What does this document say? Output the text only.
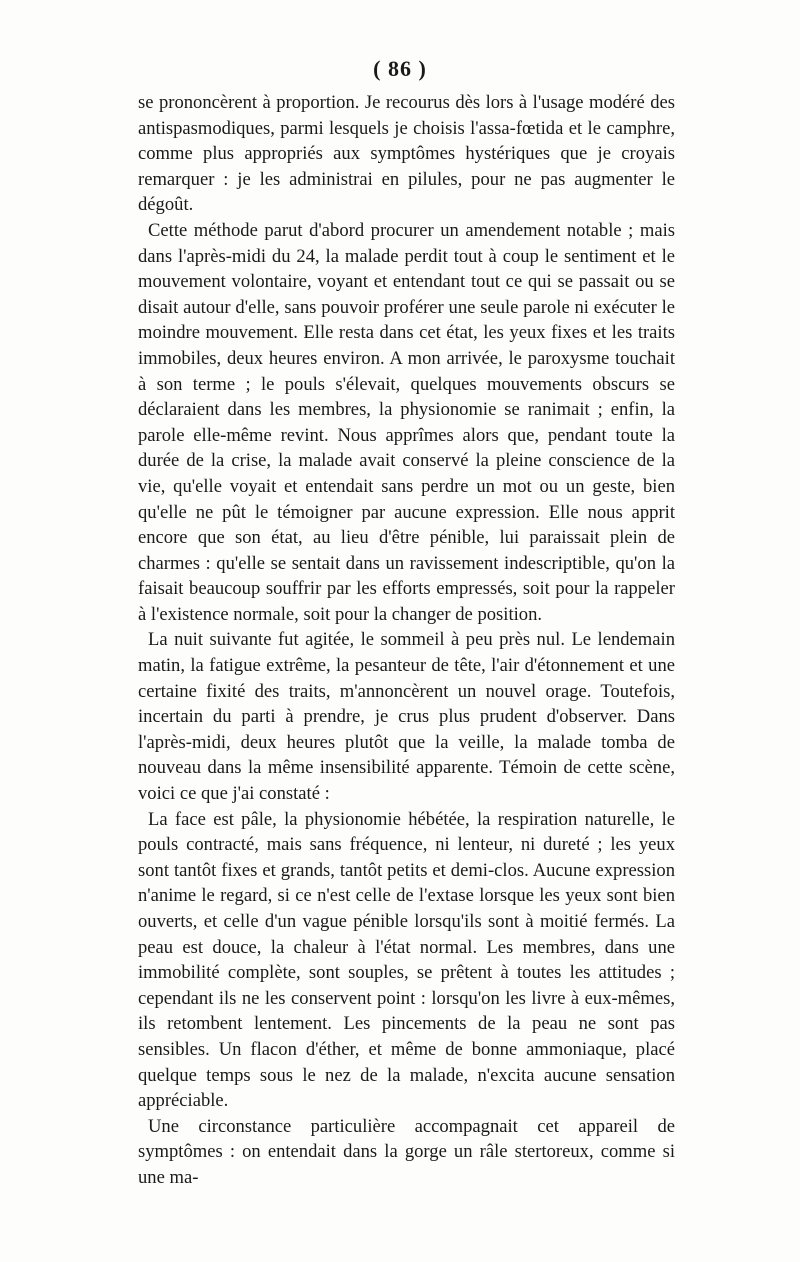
( 86 )

se prononcèrent à proportion. Je recourus dès lors à l'usage modéré des antispasmodiques, parmi lesquels je choisis l'assa-fœtida et le camphre, comme plus appropriés aux symptômes hystériques que je croyais remarquer : je les administrai en pilules, pour ne pas augmenter le dégoût.

Cette méthode parut d'abord procurer un amendement notable ; mais dans l'après-midi du 24, la malade perdit tout à coup le sentiment et le mouvement volontaire, voyant et entendant tout ce qui se passait ou se disait autour d'elle, sans pouvoir proférer une seule parole ni exécuter le moindre mouvement. Elle resta dans cet état, les yeux fixes et les traits immobiles, deux heures environ. A mon arrivée, le paroxysme touchait à son terme ; le pouls s'élevait, quelques mouvements obscurs se déclaraient dans les membres, la physionomie se ranimait ; enfin, la parole elle-même revint. Nous apprîmes alors que, pendant toute la durée de la crise, la malade avait conservé la pleine conscience de la vie, qu'elle voyait et entendait sans perdre un mot ou un geste, bien qu'elle ne pût le témoigner par aucune expression. Elle nous apprit encore que son état, au lieu d'être pénible, lui paraissait plein de charmes : qu'elle se sentait dans un ravissement indescriptible, qu'on la faisait beaucoup souffrir par les efforts empressés, soit pour la rappeler à l'existence normale, soit pour la changer de position.

La nuit suivante fut agitée, le sommeil à peu près nul. Le lendemain matin, la fatigue extrême, la pesanteur de tête, l'air d'étonnement et une certaine fixité des traits, m'annoncèrent un nouvel orage. Toutefois, incertain du parti à prendre, je crus plus prudent d'observer. Dans l'après-midi, deux heures plutôt que la veille, la malade tomba de nouveau dans la même insensibilité apparente. Témoin de cette scène, voici ce que j'ai constaté :

La face est pâle, la physionomie hébétée, la respiration naturelle, le pouls contracté, mais sans fréquence, ni lenteur, ni dureté ; les yeux sont tantôt fixes et grands, tantôt petits et demi-clos. Aucune expression n'anime le regard, si ce n'est celle de l'extase lorsque les yeux sont bien ouverts, et celle d'un vague pénible lorsqu'ils sont à moitié fermés. La peau est douce, la chaleur à l'état normal. Les membres, dans une immobilité complète, sont souples, se prêtent à toutes les attitudes ; cependant ils ne les conservent point : lorsqu'on les livre à eux-mêmes, ils retombent lentement. Les pincements de la peau ne sont pas sensibles. Un flacon d'éther, et même de bonne ammoniaque, placé quelque temps sous le nez de la malade, n'excita aucune sensation appréciable.

Une circonstance particulière accompagnait cet appareil de symptômes : on entendait dans la gorge un râle stertoreux, comme si une ma-
